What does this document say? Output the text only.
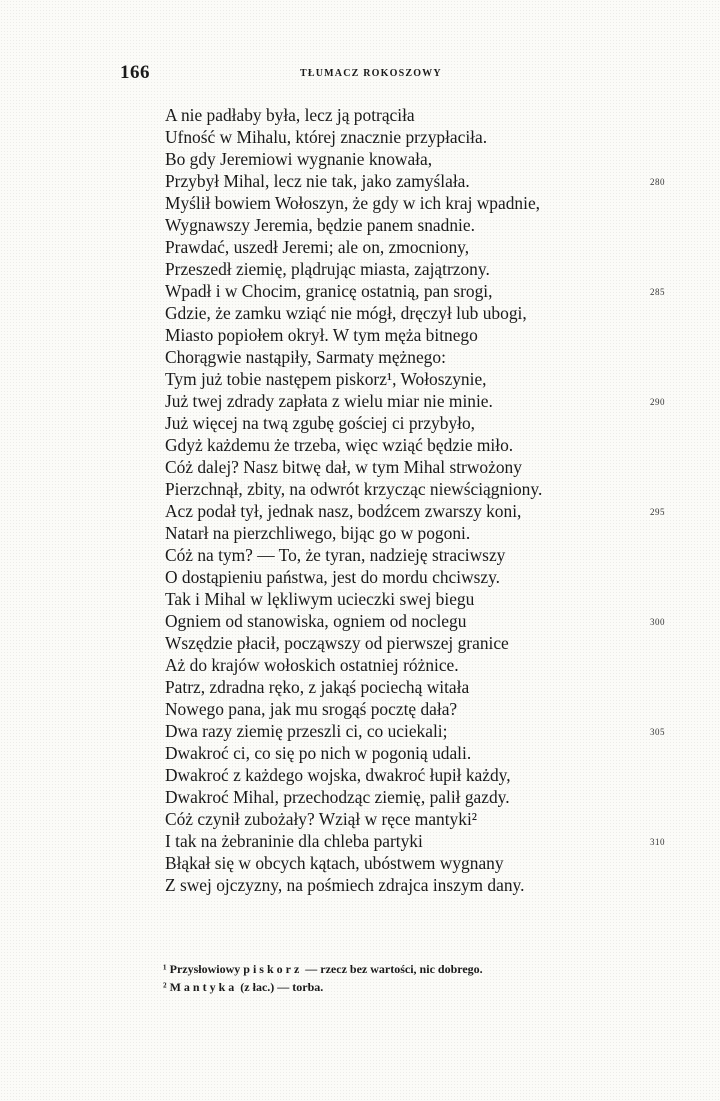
166	TŁUMACZ ROKOSZOWY
A nie padłaby była, lecz ją potrąciła
Ufność w Mihalu, której znacznie przypłaciła.
Bo gdy Jeremiowi wygnanie knowała,
Przybył Mihal, lecz nie tak, jako zamyślała.
Myślił bowiem Wołoszyn, że gdy w ich kraj wpadnie,
Wygnawszy Jeremia, będzie panem snadnie.
Prawdać, uszedł Jeremi; ale on, zmocniony,
Przeszedł ziemię, plądrując miasta, zajątrzony.
Wpadł i w Chocim, granicę ostatnią, pan srogi,
Gdzie, że zamku wziąć nie mógł, dręczył lub ubogi,
Miasto popiołem okrył. W tym męża bitnego
Chorągwie nastąpiły, Sarmaty mężnego:
Tym już tobie następem piskorz¹, Wołoszynie,
Już twej zdrady zapłata z wielu miar nie minie.
Już więcej na twą zgubę gościej ci przybyło,
Gdyż każdemu że trzeba, więc wziąć będzie miło.
Cóż dalej? Nasz bitwę dał, w tym Mihal strwożony
Pierzchnął, zbity, na odwrót krzycząc niewściągniony.
Acz podał tył, jednak nasz, bodźcem zwarszy koni,
Natarł na pierzchliwego, bijąc go w pogoni.
Cóż na tym? — To, że tyran, nadzieję straciwszy
O dostąpieniu państwa, jest do mordu chciwszy.
Tak i Mihal w lękliwym ucieczki swej biegu
Ogniem od stanowiska, ogniem od noclegu
Wszędzie płacił, począwszy od pierwszej granice
Aż do krajów wołoskich ostatniej różnice.
Patrz, zdradna ręko, z jakąś pociechą witała
Nowego pana, jak mu srogąś pocztę dała?
Dwa razy ziemię przeszli ci, co uciekali;
Dwakroć ci, co się po nich w pogonią udali.
Dwakroć z każdego wojska, dwakroć łupił każdy,
Dwakroć Mihal, przechodząc ziemię, palił gazdy.
Cóż czynił zubożały? Wziął w ręce mantyki²
I tak na żebraninie dla chleba partyki
Błąkał się w obcych kątach, ubóstwem wygnany
Z swej ojczyzny, na pośmiech zdrajca inszym dany.
¹ Przysłowiowy piskorz — rzecz bez wartości, nic dobrego.
² Mantyka (z łac.) — torba.
280
285
290
295
300
305
310
